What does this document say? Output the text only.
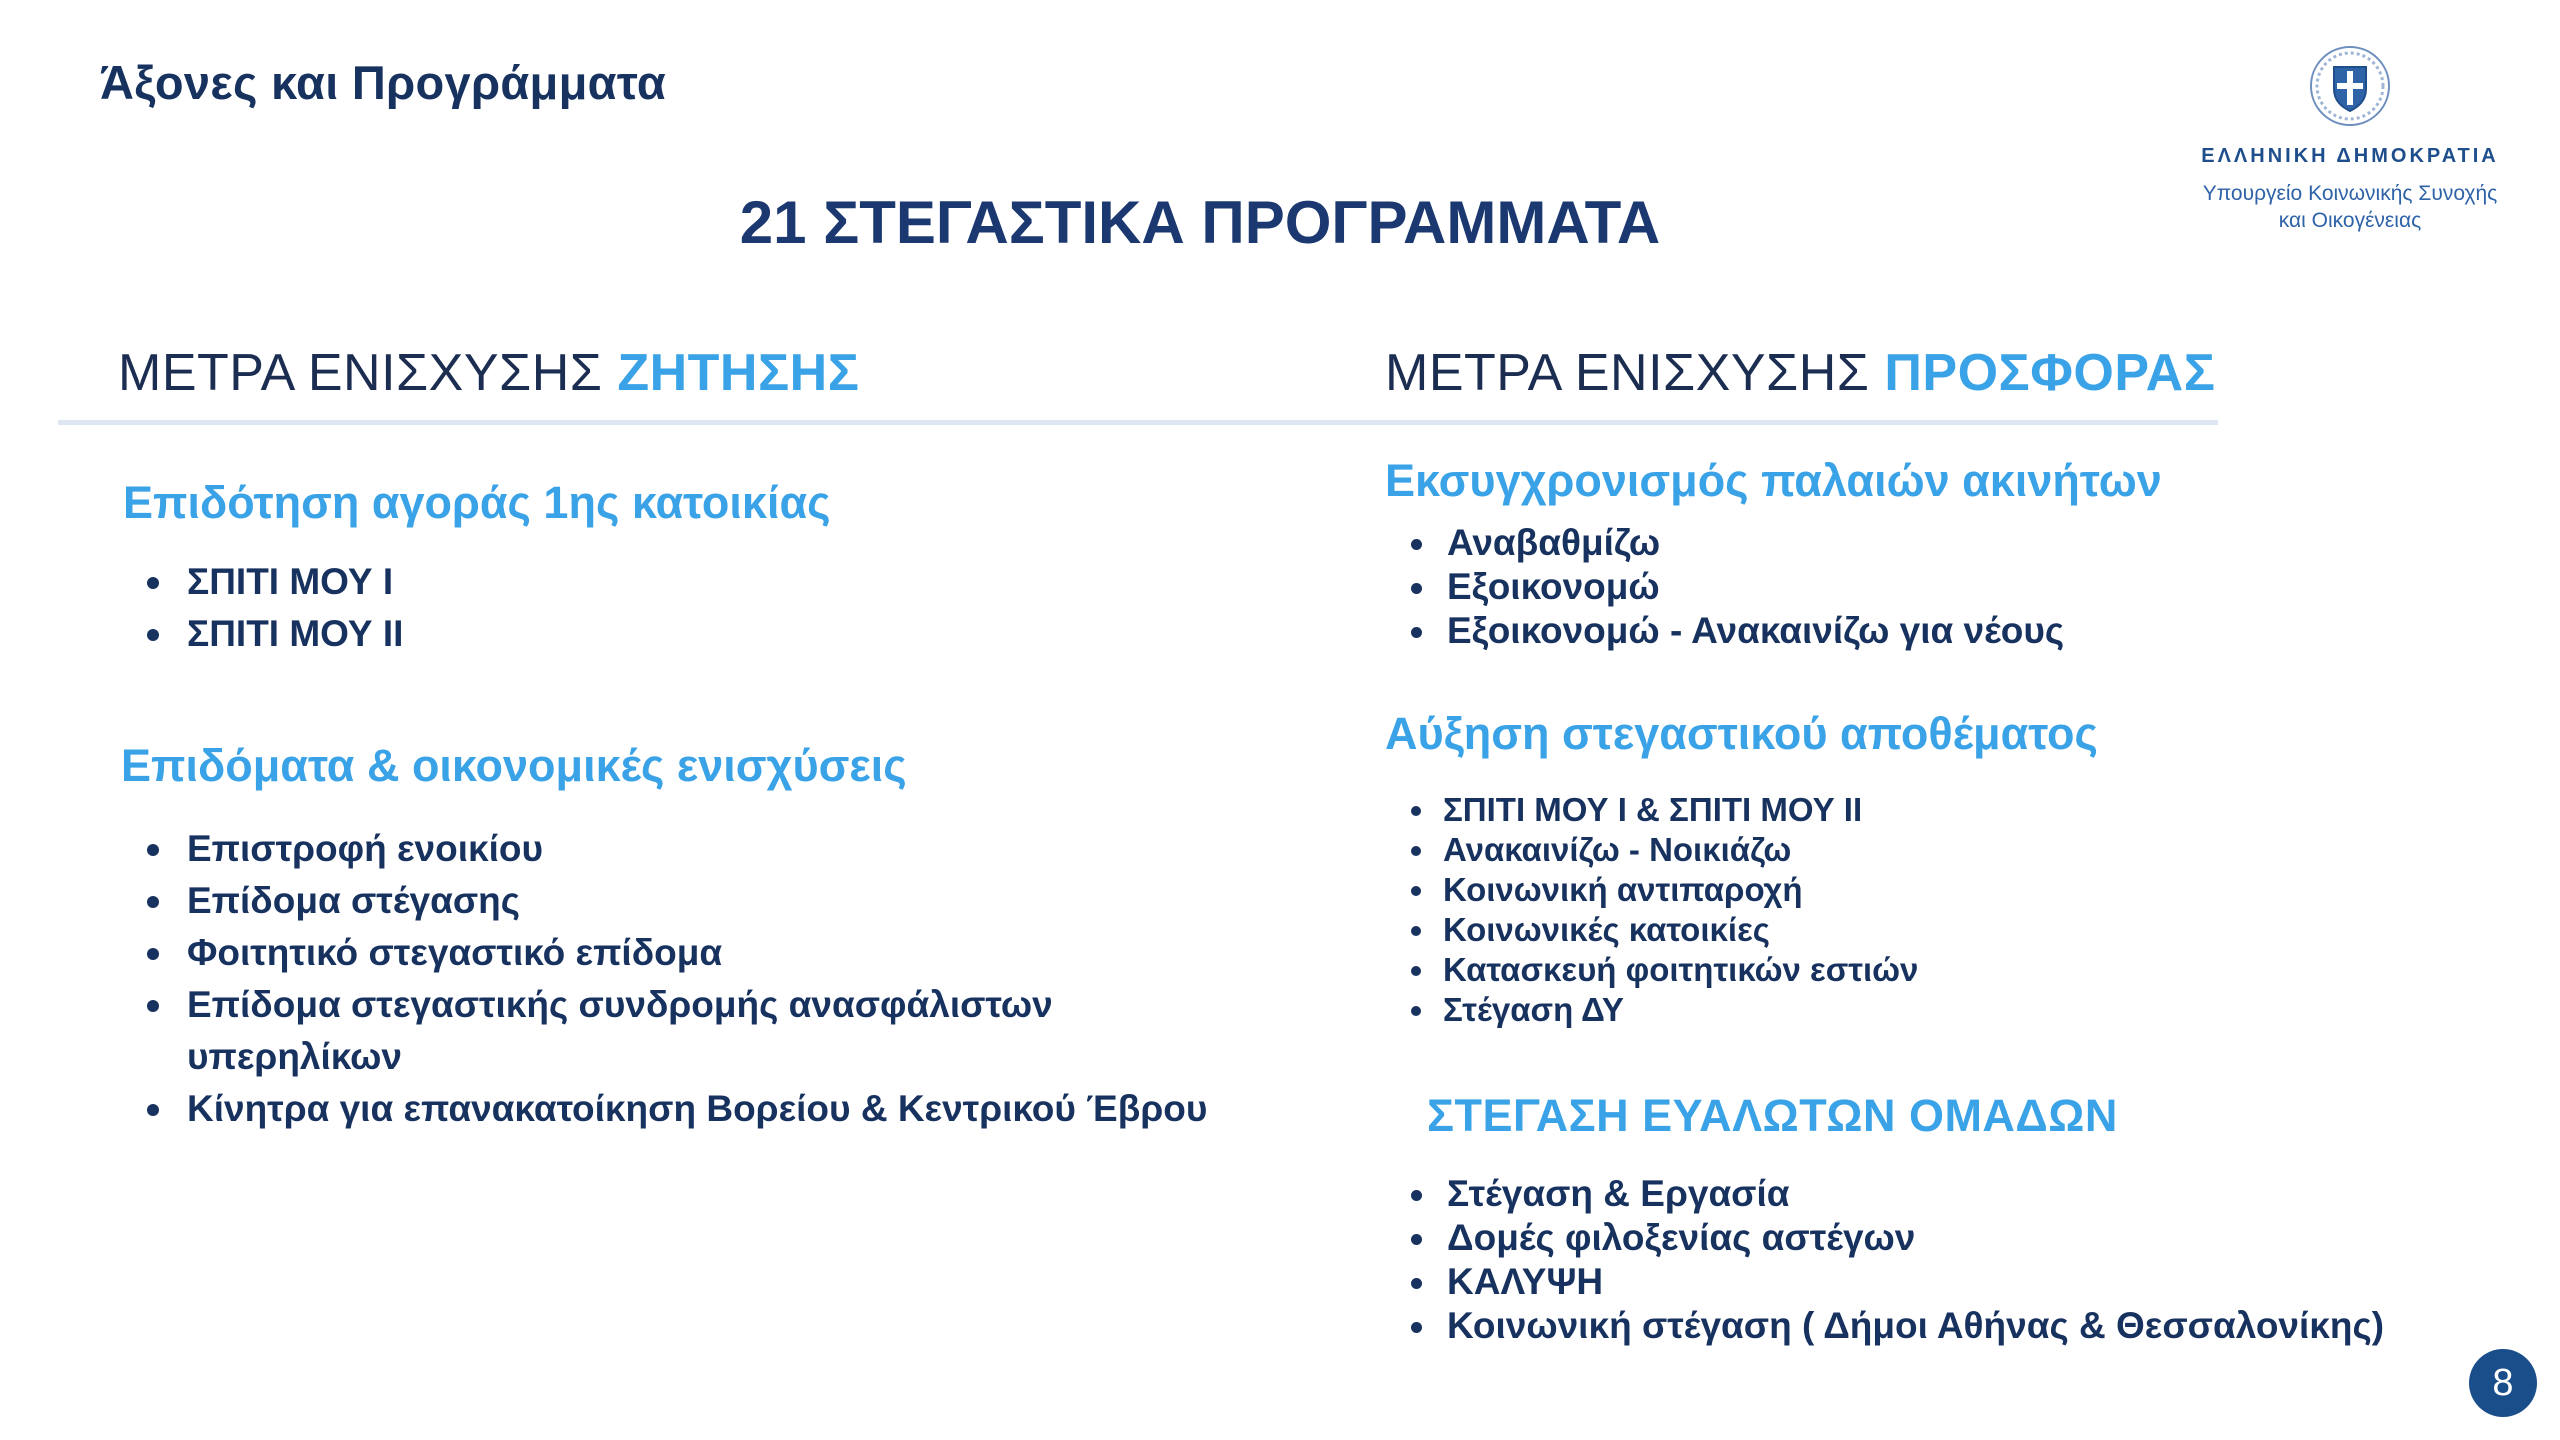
Άξονες και Προγράμματα
21 ΣΤΕΓΑΣΤΙΚΑ ΠΡΟΓΡΑΜΜΑΤΑ
ΕΛΛΗΝΙΚΗ ΔΗΜΟΚΡΑΤΙΑ
Υπουργείο Κοινωνικής Συνοχής
και Οικογένειας
ΜΕΤΡΑ ΕΝΙΣΧΥΣΗΣ ΖΗΤΗΣΗΣ	ΜΕΤΡΑ ΕΝΙΣΧΥΣΗΣ ΠΡΟΣΦΟΡΑΣ
Επιδότηση αγοράς 1ης κατοικίας
ΣΠΙΤΙ ΜΟΥ Ι
ΣΠΙΤΙ ΜΟΥ ΙΙ
Επιδόματα & οικονομικές ενισχύσεις
Επιστροφή ενοικίου
Επίδομα στέγασης
Φοιτητικό στεγαστικό επίδομα
Επίδομα στεγαστικής συνδρομής ανασφάλιστων υπερηλίκων
Κίνητρα για επανακατοίκηση Βορείου & Κεντρικού Έβρου
Εκσυγχρονισμός παλαιών ακινήτων
Αναβαθμίζω
Εξοικονομώ
Εξοικονομώ - Ανακαινίζω για νέους
Αύξηση στεγαστικού αποθέματος
ΣΠΙΤΙ ΜΟΥ Ι & ΣΠΙΤΙ ΜΟΥ ΙΙ
Ανακαινίζω - Νοικιάζω
Κοινωνική αντιπαροχή
Κοινωνικές κατοικίες
Κατασκευή φοιτητικών εστιών
Στέγαση ΔΥ
ΣΤΕΓΑΣΗ ΕΥΑΛΩΤΩΝ ΟΜΑΔΩΝ
Στέγαση & Εργασία
Δομές φιλοξενίας αστέγων
ΚΑΛΥΨΗ
Κοινωνική στέγαση ( Δήμοι Αθήνας & Θεσσαλονίκης)
8
